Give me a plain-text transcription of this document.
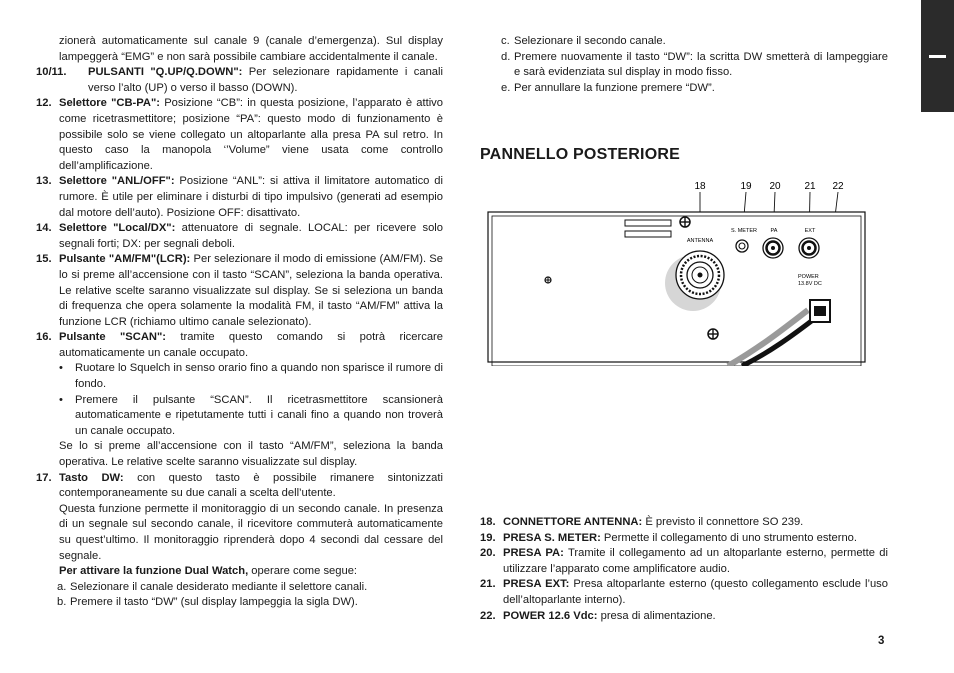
zionerà automaticamente sul canale 9 (canale d’emergenza). Sul display lampeggerà “EMG” e non sarà possibile cambiare accidentalmente il canale.

10/11.	PULSANTI "Q.UP/Q.DOWN": Per selezionare rapidamente i canali verso l’alto (UP) o verso il basso (DOWN).
12. Selettore "CB-PA": Posizione “CB”: in questa posizione, l’apparato è attivo come ricetrasmettitore; posizione “PA”: questo modo di funzionamento è possibile solo se viene collegato un altoparlante alla presa PA sul retro. In questo caso la manopola ‘’Volume” viene usata come controllo dell’amplificazione.
13. Selettore "ANL/OFF": Posizione “ANL”: si attiva il limitatore automatico di rumore. È utile per eliminare i disturbi di tipo impulsivo (generati ad esempio dal motore dell’auto). Posizione OFF: disattivato.
14. Selettore "Local/DX": attenuatore di segnale. LOCAL: per ricevere solo segnali forti; DX: per segnali deboli.
15. Pulsante "AM/FM"(LCR): Per selezionare il modo di emissione (AM/FM). Se lo si preme all’accensione con il tasto “SCAN”, seleziona la banda operativa. Le relative scelte saranno visualizzate sul display. Se si seleziona un banda di frequenza che opera solamente la modalità FM, il tasto “AM/FM” attiva la funzione LCR (richiamo ultimo canale selezionato).
16. Pulsante "SCAN": tramite questo comando si potrà ricercare automaticamente un canale occupato.
•	Ruotare lo Squelch in senso orario fino a quando non sparisce il rumore di fondo.
•	Premere il pulsante “SCAN”. Il ricetrasmettitore scansionerà automaticamente e ripetutamente tutti i canali fino a quando non troverà un canale occupato.

Se lo si preme all’accensione con il tasto “AM/FM”, seleziona la banda operativa. Le relative scelte saranno visualizzate sul display.

17. Tasto DW: con questo tasto è possibile rimanere sintonizzati contemporaneamente su due canali a scelta dell’utente.

Questa funzione permette il monitoraggio di un secondo canale. In presenza di un segnale sul secondo canale, il ricevitore commuterà automaticamente su quest’ultimo. Il monitoraggio riprenderà dopo 4 secondi dal cessare del segnale.

Per attivare la funzione Dual Watch, operare come segue:

a. Selezionare il canale desiderato mediante il selettore canali.
b. Premere il tasto “DW” (sul display lampeggia la sigla DW).
c. Selezionare il secondo canale.
d. Premere nuovamente il tasto “DW”: la scritta DW smetterà di lampeggiare e sarà evidenziata sul display in modo fisso.
e. Per annullare la funzione premere “DW”.
PANNELLO POSTERIORE
18	19 20 21 22
ANTENNA
S. METER PA	EXT
POWER
13.8V DC
18. CONNETTORE ANTENNA: È previsto il connettore SO 239.
19. PRESA S. METER: Permette il collegamento di uno strumento esterno.
20. PRESA PA: Tramite il collegamento ad un altoparlante esterno, permette di utilizzare l’apparato come amplificatore audio.
21. PRESA EXT: Presa altoparlante esterno (questo collegamento esclude l’uso dell’altoparlante interno).
22. POWER 12.6 Vdc: presa di alimentazione.
3
